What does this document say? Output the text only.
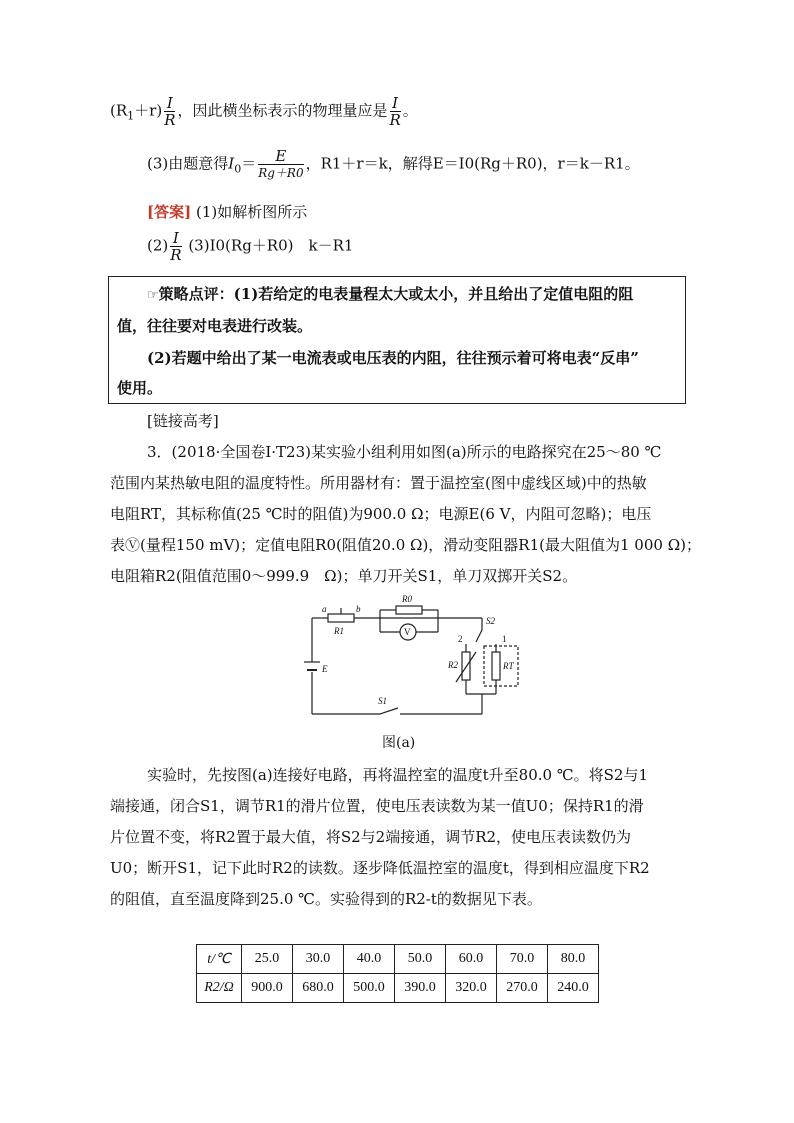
$(R_1+r) \frac{I}{R}$ ，因此横坐标表示的物理量应是 $\frac{I}{R}$ 。
(3)由题意得$I_0= \frac{E}{Rg+R0}$ ，R1＋r＝k，解得E＝I0(Rg＋R0)，r＝k－R1。
[答案] (1)如解析图所示
$(2) \frac{I}{R} (3)I0(Rg+R0)$　k－R1
☞策略点评：(1)若给定的电表量程太大或太小，并且给出了定值电阻的阻
值，往往要对电表进行改装。
(2)若题中给出了某一电流表或电压表的内阻，往往预示着可将电表“反串”
使用。
[链接高考]
3．(2018·全国卷Ⅰ·T23)某实验小组利用如图(a)所示的电路探究在25～80 ℃
范围内某热敏电阻的温度特性。所用器材有：置于温控室(图中虚线区域)中的热敏
电阻RT，其标称值(25 ℃时的阻值)为900.0 Ω；电源E(6 V，内阻可忽略)；电压
表Ⓥ(量程150 mV)；定值电阻R0(阻值20.0 Ω)，滑动变阻器R1(最大阻值为1 000 Ω)；
电阻箱R2(阻值范围0～999.9　Ω)；单刀开关S1，单刀双掷开关S2。
a	b
R1
R0
V
E
S2
2	1
R2	RT
S1
图(a)
实验时，先按图(a)连接好电路，再将温控室的温度t升至80.0 ℃。将S2与1
端接通，闭合S1，调节R1的滑片位置，使电压表读数为某一值U0；保持R1的滑
片位置不变，将R2置于最大值，将S2与2端接通，调节R2，使电压表读数仍为
U0；断开S1，记下此时R2的读数。逐步降低温控室的温度t，得到相应温度下R2
的阻值，直至温度降到25.0 ℃。实验得到的R2-t的数据见下表。
t/℃	25.0	30.0	40.0	50.0	60.0	70.0	80.0
R2/Ω	900.0	680.0	500.0	390.0	320.0	270.0	240.0
